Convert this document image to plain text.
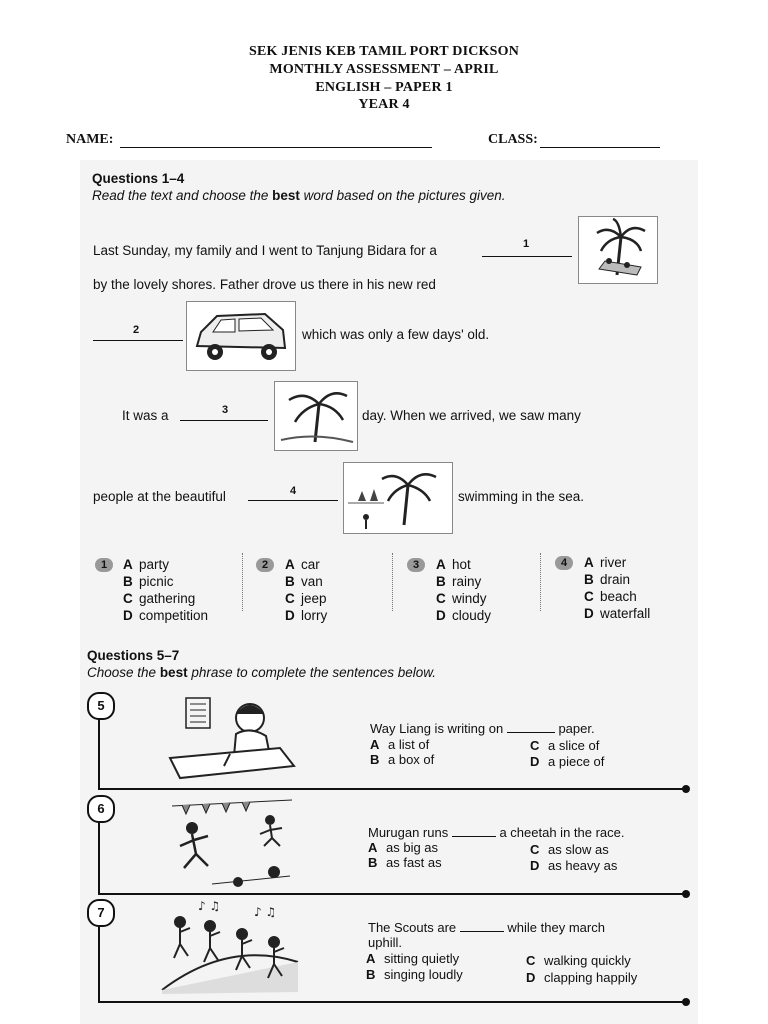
SEK JENIS KEB TAMIL PORT DICKSON
MONTHLY ASSESSMENT – APRIL
ENGLISH – PAPER 1
YEAR 4
NAME:	CLASS:
Questions 1–4
Read the text and choose the best word based on the pictures given.
Last Sunday, my family and I went to Tanjung Bidara for a	1
by the lovely shores. Father drove us there in his new red
2	which was only a few days' old.
It was a	3	day. When we arrived, we saw many
people at the beautiful	4	swimming in the sea.
1	A party
B picnic
C gathering
D competition
2	A car
B van
C jeep
D lorry
3	A hot
B rainy
C windy
D cloudy
4	A river
B drain
C beach
D waterfall
Questions 5–7
Choose the best phrase to complete the sentences below.
5
Way Liang is writing on	paper.
A a list of	C a slice of
B a box of	D a piece of
6
Murugan runs	a cheetah in the race.
A as big as	C as slow as
B as fast as	D as heavy as
7	♪ ♫	♪ ♫
The Scouts are	while they march
uphill.
A sitting quietly	C walking quickly
B singing loudly	D clapping happily
